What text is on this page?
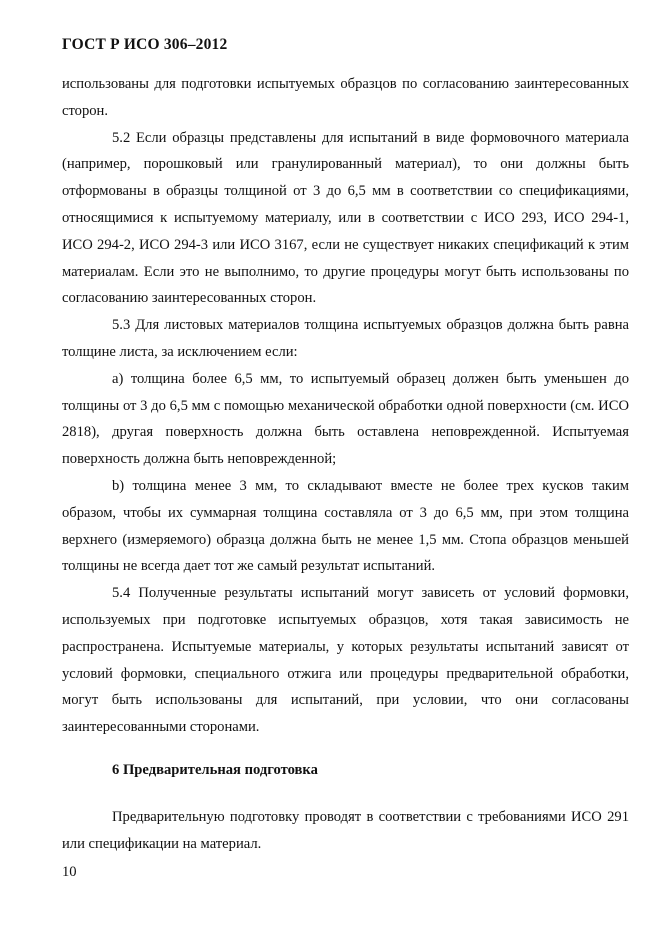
ГОСТ Р ИСО 306–2012

использованы для подготовки испытуемых образцов по согласованию заинтересованных сторон.

5.2 Если образцы представлены для испытаний в виде формовочного материала (например, порошковый или гранулированный материал), то они должны быть отформованы в образцы толщиной от 3 до 6,5 мм в соответствии со спецификациями, относящимися к испытуемому материалу, или в соответствии с ИСО 293, ИСО 294-1, ИСО 294-2, ИСО 294-3 или ИСО 3167, если не существует никаких спецификаций к этим материалам. Если это не выполнимо, то другие процедуры могут быть использованы по согласованию заинтересованных сторон.

5.3 Для листовых материалов толщина испытуемых образцов должна быть равна толщине листа, за исключением если:

а) толщина более 6,5 мм, то испытуемый образец должен быть уменьшен до толщины от 3 до 6,5 мм с помощью механической обработки одной поверхности (см. ИСО 2818), другая поверхность должна быть оставлена неповрежденной. Испытуемая поверхность должна быть неповрежденной;

b) толщина менее 3 мм, то складывают вместе не более трех кусков таким образом, чтобы их суммарная толщина составляла от 3 до 6,5 мм, при этом толщина верхнего (измеряемого) образца должна быть не менее 1,5 мм. Стопа образцов меньшей толщины не всегда дает тот же самый результат испытаний.

5.4 Полученные результаты испытаний могут зависеть от условий формовки, используемых при подготовке испытуемых образцов, хотя такая зависимость не распространена. Испытуемые материалы, у которых результаты испытаний зависят от условий формовки, специального отжига или процедуры предварительной обработки, могут быть использованы для испытаний, при условии, что они согласованы заинтересованными сторонами.

6 Предварительная подготовка

Предварительную подготовку проводят в соответствии с требованиями ИСО 291 или спецификации на материал.

10
